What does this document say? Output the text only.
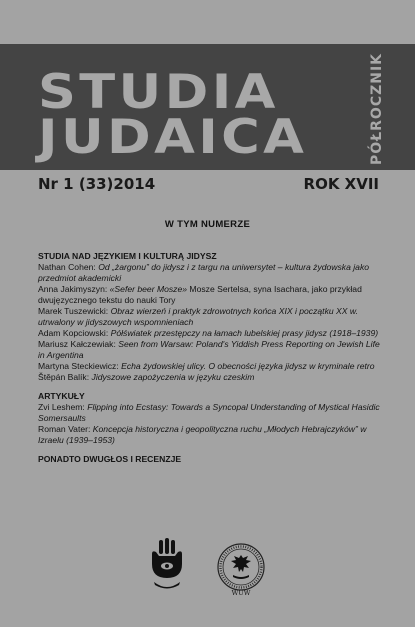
STUDIA
JUDAICA	PÓŁROCZNIK
Nr 1 (33)2014	ROK XVII
W TYM NUMERZE

STUDIA NAD JĘZYKIEM I KULTURĄ JIDYSZ

Nathan Cohen: Od „żargonu” do jidysz i z targu na uniwersytet – kultura żydowska jako przedmiot akademicki

Anna Jakimyszyn: «Sefer beer Mosze» Mosze Sertelsa, syna Isachara, jako przykład dwujęzycznego tekstu do nauki Tory

Marek Tuszewicki: Obraz wierzeń i praktyk zdrowotnych końca XIX i początku XX w. utrwalony w jidyszowych wspomnieniach

Adam Kopciowski: Półświatek przestępczy na łamach lubelskiej prasy jidysz (1918–1939)

Mariusz Kałczewiak: Seen from Warsaw: Poland's Yiddish Press Reporting on Jewish Life in Argentina

Martyna Steckiewicz: Echa żydowskiej ulicy. O obecności języka jidysz w kryminale retro

Štěpán Balík: Jidyszowe zapożyczenia w języku czeskim

ARTYKUŁY

Zvi Leshem: Flipping into Ecstasy: Towards a Syncopal Understanding of Mystical Hasidic Somersaults

Roman Vater: Koncepcja historyczna i geopolityczna ruchu „Młodych Hebrajczyków” w Izraelu (1939–1953)

PONADTO DWUGŁOS I RECENZJE
WUW
